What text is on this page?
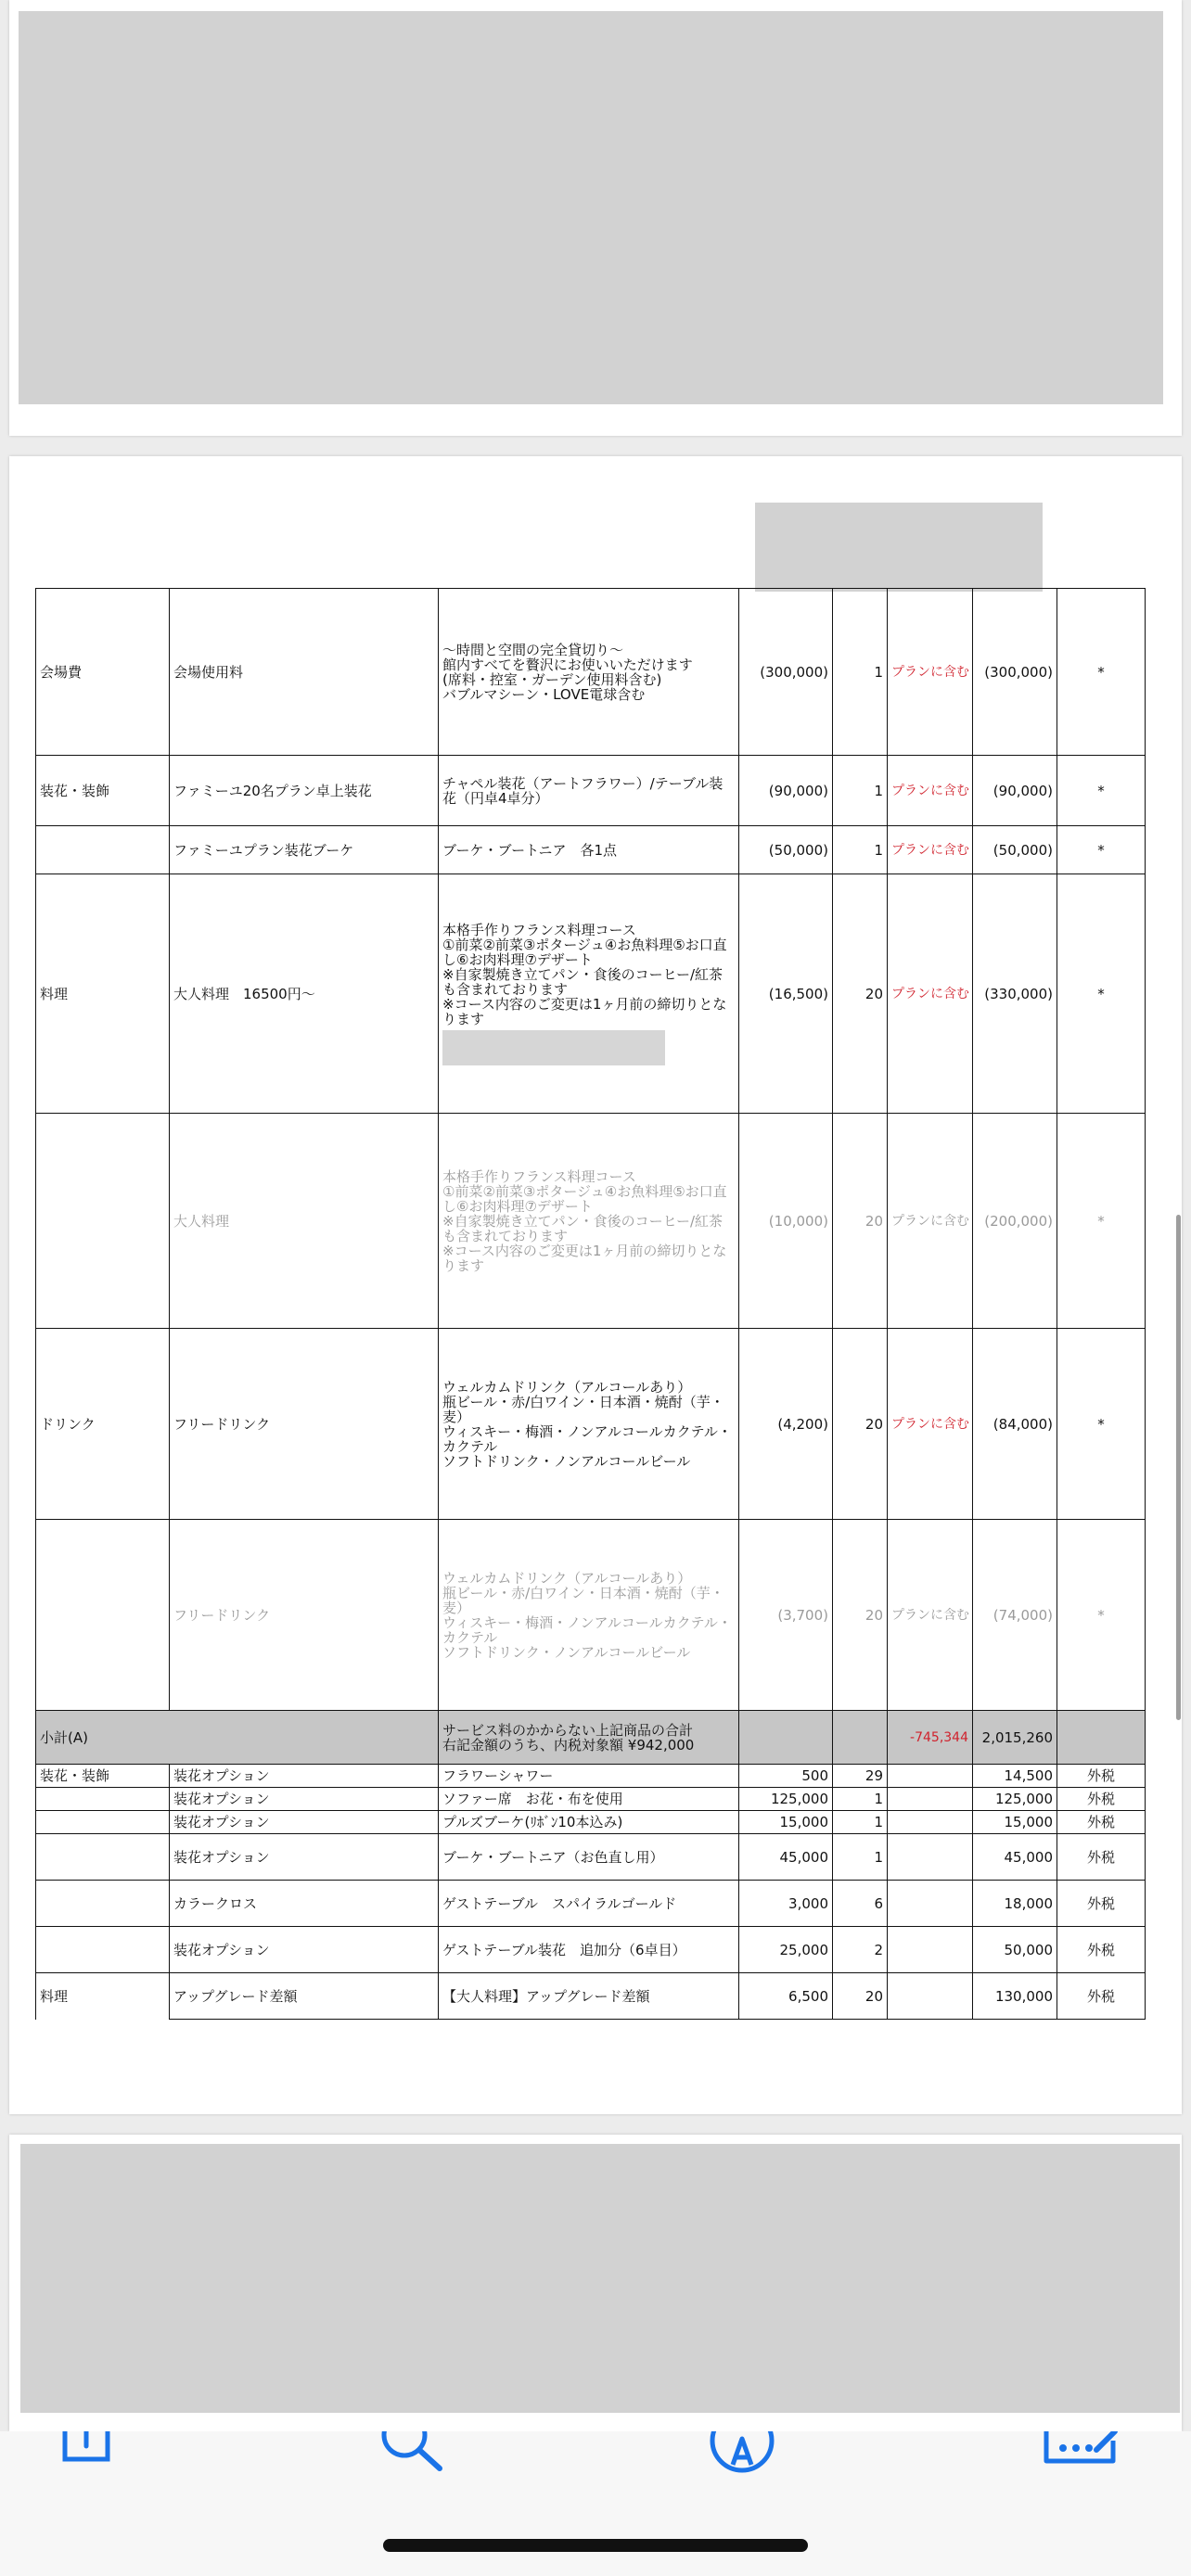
会場費	会場使用料	〜時間と空間の完全貸切り〜
館内すべてを贅沢にお使いいただけます
(席料・控室・ガーデン使用料含む)
バブルマシーン・LOVE電球含む	(300,000)	1	プランに含む	(300,000)	*
装花・装飾	ファミーユ20名プラン卓上装花	チャペル装花（アートフラワー）/テーブル装花（円卓4卓分）	(90,000)	1	プランに含む	(90,000)	*
	ファミーユプラン装花ブーケ	ブーケ・ブートニア　各1点	(50,000)	1	プランに含む	(50,000)	*
料理	大人料理　16500円〜	本格手作りフランス料理コース
①前菜②前菜③ポタージュ④お魚料理⑤お口直し⑥お肉料理⑦デザート
※自家製焼き立てパン・食後のコーヒー/紅茶も含まれております
※コース内容のご変更は1ヶ月前の締切りとなります	(16,500)	20	プランに含む	(330,000)	*
	大人料理	本格手作りフランス料理コース
①前菜②前菜③ポタージュ④お魚料理⑤お口直し⑥お肉料理⑦デザート
※自家製焼き立てパン・食後のコーヒー/紅茶も含まれております
※コース内容のご変更は1ヶ月前の締切りとなります	(10,000)	20	プランに含む	(200,000)	*
ドリンク	フリードリンク	ウェルカムドリンク（アルコールあり）
瓶ビール・赤/白ワイン・日本酒・焼酎（芋・麦）
ウィスキー・梅酒・ノンアルコールカクテル・カクテル
ソフトドリンク・ノンアルコールビール	(4,200)	20	プランに含む	(84,000)	*
	フリードリンク	ウェルカムドリンク（アルコールあり）
瓶ビール・赤/白ワイン・日本酒・焼酎（芋・麦）
ウィスキー・梅酒・ノンアルコールカクテル・カクテル
ソフトドリンク・ノンアルコールビール	(3,700)	20	プランに含む	(74,000)	*
小計(A)		サービス料のかからない上記商品の合計
右記金額のうち、内税対象額 ¥942,000			-745,344	2,015,260	
装花・装飾	装花オプション	フラワーシャワー	500	29		14,500	外税
	装花オプション	ソファー席　お花・布を使用	125,000	1		125,000	外税
	装花オプション	プルズブーケ(ﾘﾎﾞﾝ10本込み)	15,000	1		15,000	外税
	装花オプション	ブーケ・ブートニア（お色直し用）	45,000	1		45,000	外税
	カラークロス	ゲストテーブル　スパイラルゴールド	3,000	6		18,000	外税
	装花オプション	ゲストテーブル装花　追加分（6卓目）	25,000	2		50,000	外税
料理	アップグレード差額	【大人料理】アップグレード差額	6,500	20		130,000	外税
